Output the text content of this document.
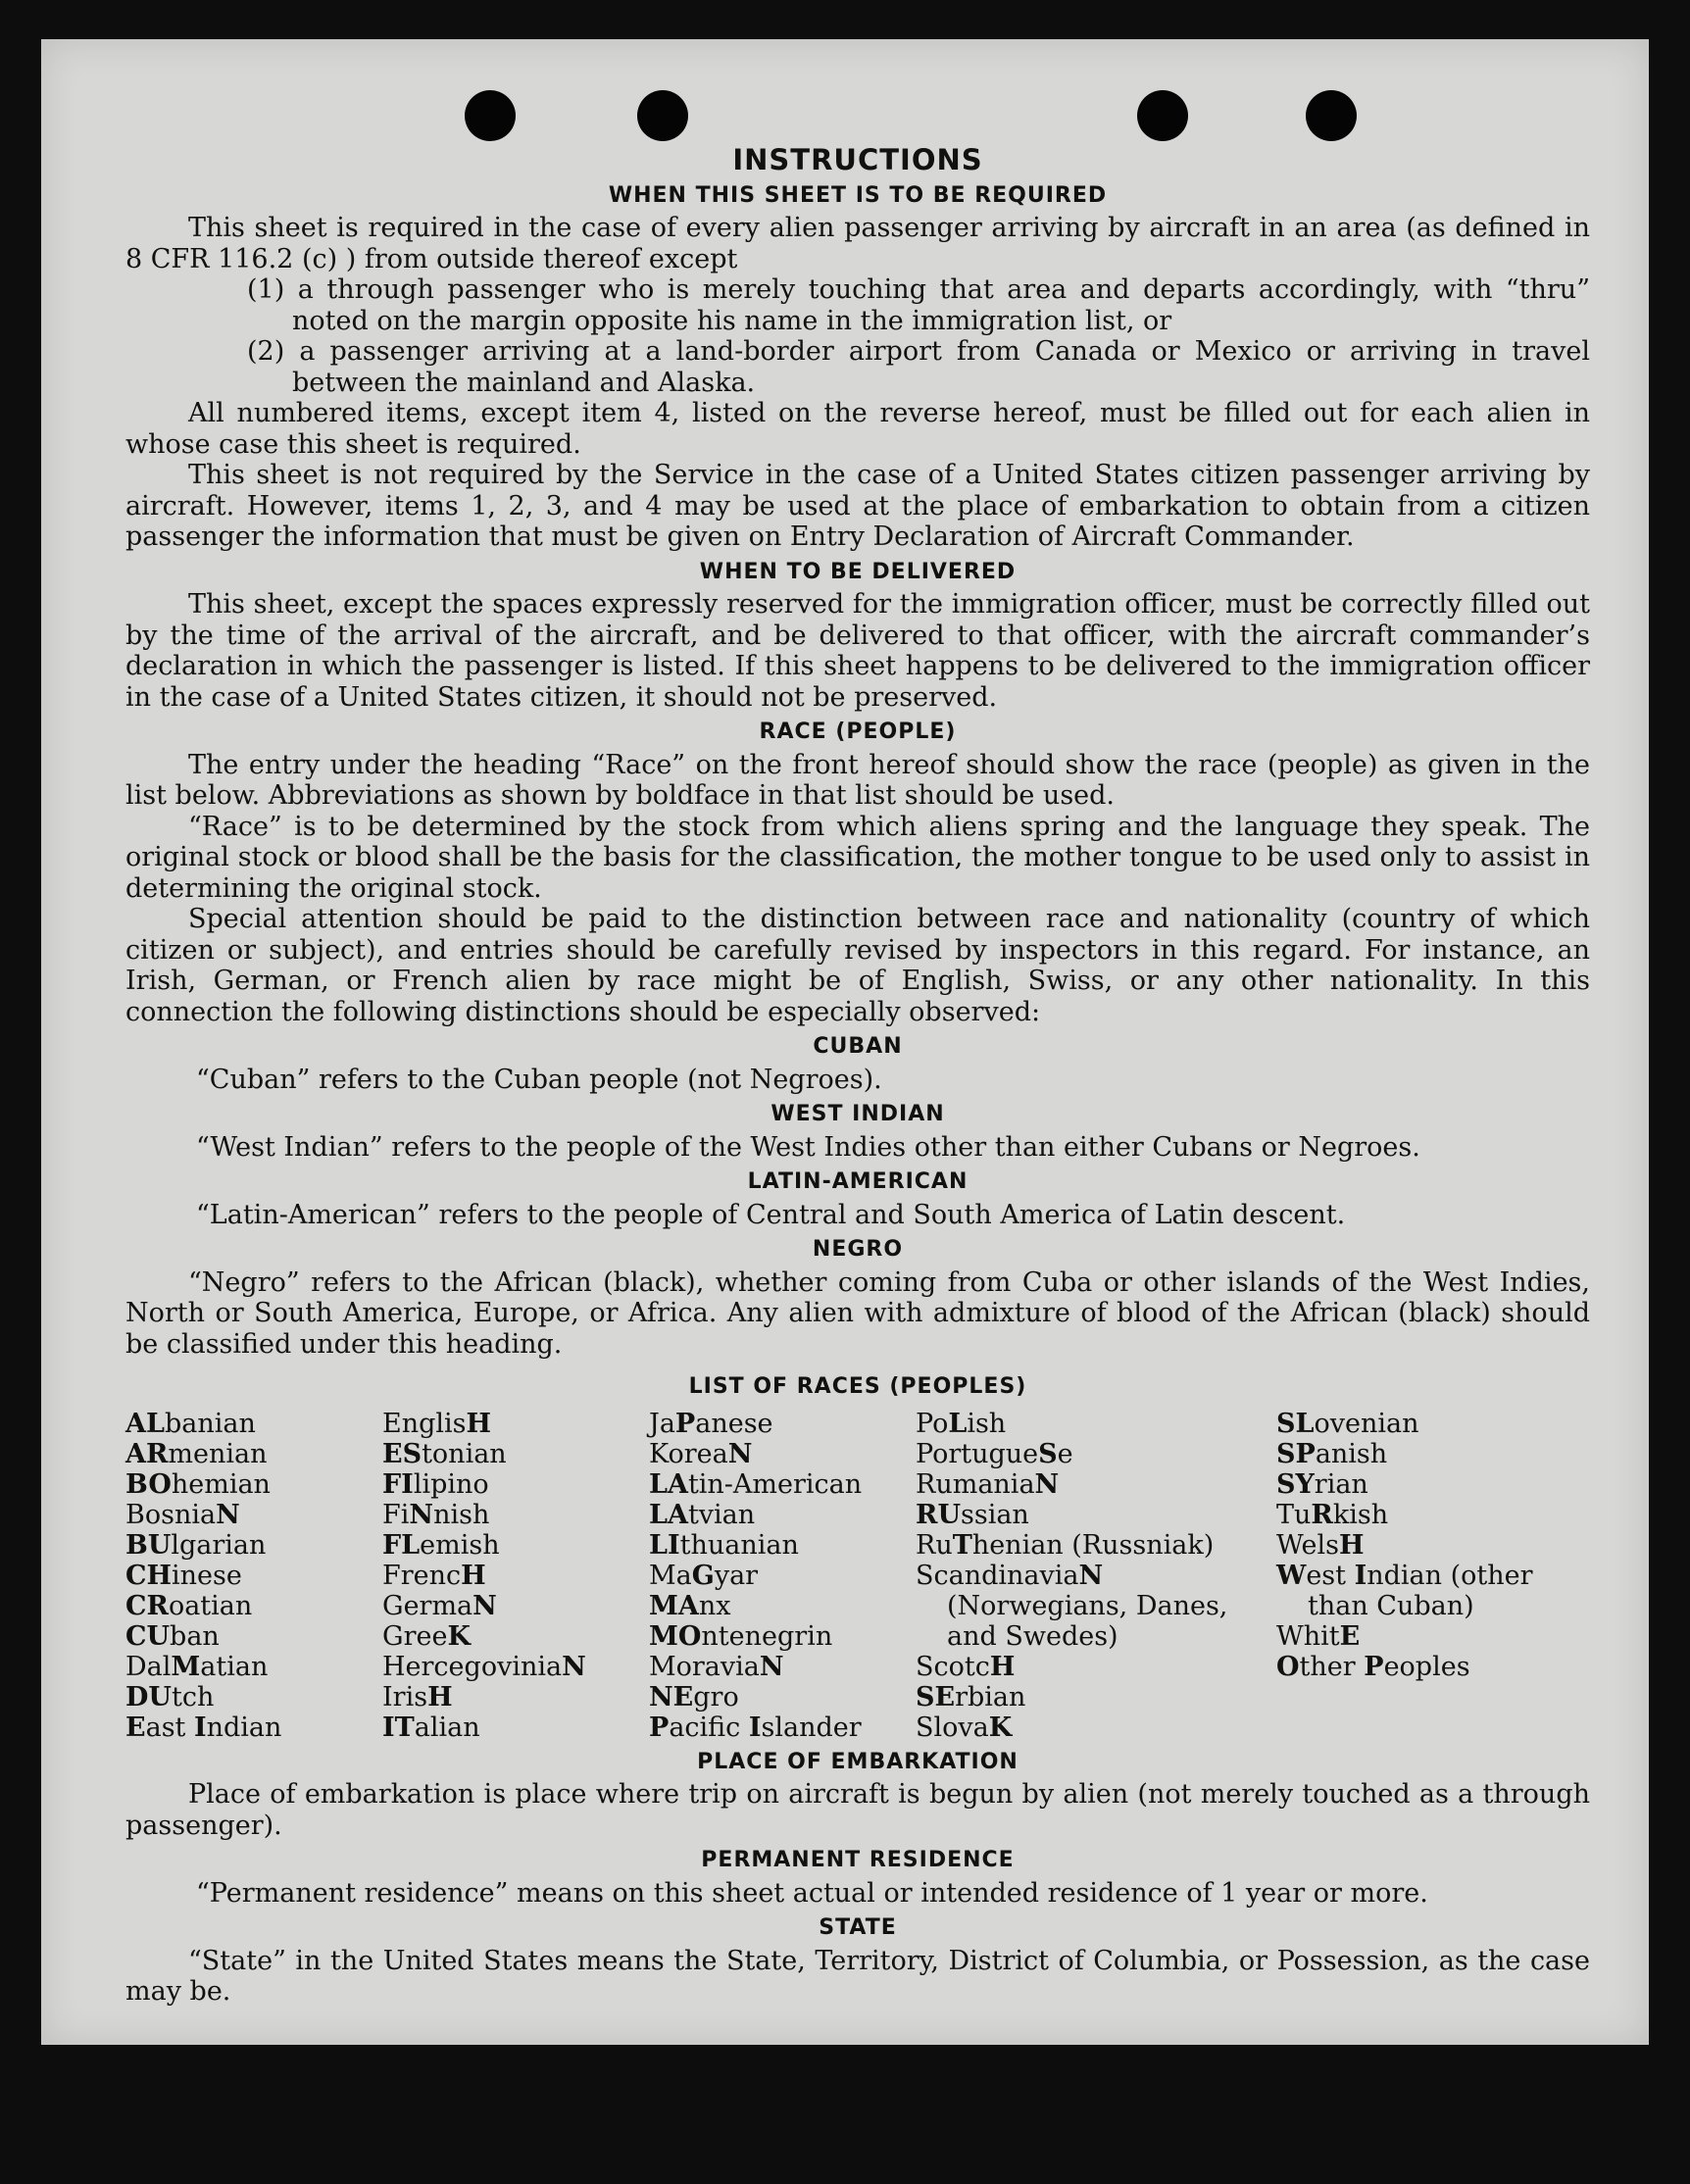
INSTRUCTIONS
WHEN THIS SHEET IS TO BE REQUIRED

This sheet is required in the case of every alien passenger arriving by aircraft in an area (as defined in 8 CFR 116.2 (c) ) from outside thereof except

(1) a through passenger who is merely touching that area and departs accordingly, with “thru” noted on the margin opposite his name in the immigration list, or

(2) a passenger arriving at a land-border airport from Canada or Mexico or arriving in travel between the mainland and Alaska.

All numbered items, except item 4, listed on the reverse hereof, must be filled out for each alien in whose case this sheet is required.

This sheet is not required by the Service in the case of a United States citizen passenger arriving by aircraft. However, items 1, 2, 3, and 4 may be used at the place of embarkation to obtain from a citizen passenger the information that must be given on Entry Declaration of Aircraft Commander.

WHEN TO BE DELIVERED

This sheet, except the spaces expressly reserved for the immigration officer, must be correctly filled out by the time of the arrival of the aircraft, and be delivered to that officer, with the aircraft commander’s declaration in which the passenger is listed. If this sheet happens to be delivered to the immigration officer in the case of a United States citizen, it should not be preserved.

RACE (PEOPLE)

The entry under the heading “Race” on the front hereof should show the race (people) as given in the list below. Abbreviations as shown by boldface in that list should be used.

“Race” is to be determined by the stock from which aliens spring and the language they speak. The original stock or blood shall be the basis for the classification, the mother tongue to be used only to assist in determining the original stock.

Special attention should be paid to the distinction between race and nationality (country of which citizen or subject), and entries should be carefully revised by inspectors in this regard. For instance, an Irish, German, or French alien by race might be of English, Swiss, or any other nationality. In this connection the following distinctions should be especially observed:

CUBAN

“Cuban” refers to the Cuban people (not Negroes).

WEST INDIAN

“West Indian” refers to the people of the West Indies other than either Cubans or Negroes.

LATIN-AMERICAN

“Latin-American” refers to the people of Central and South America of Latin descent.

NEGRO

“Negro” refers to the African (black), whether coming from Cuba or other islands of the West Indies, North or South America, Europe, or Africa. Any alien with admixture of blood of the African (black) should be classified under this heading.

LIST OF RACES (PEOPLES)
ALbanian
ARmenian
BOhemian
BosniaN
BUlgarian
CHinese
CRoatian
CUban
DalMatian
DUtch
East Indian
EnglisH
EStonian
FIlipino
FiNnish
FLemish
FrencH
GermaN
GreeK
HercegoviniaN
IrisH
ITalian
JaPanese
KoreaN
LAtin-American
LAtvian
LIthuanian
MaGyar
MAnx
MOntenegrin
MoraviaN
NEgro
Pacific Islander
PoLish
PortugueSe
RumaniaN
RUssian
RuThenian (Russniak)
ScandinaviaN (Norwegians, Danes, and Swedes)
ScotcH
SErbian
SlovaK
SLovenian
SPanish
SYrian
TuRkish
WelsH
West Indian (other than Cuban)
WhitE
Other Peoples
PLACE OF EMBARKATION

Place of embarkation is place where trip on aircraft is begun by alien (not merely touched as a through passenger).

PERMANENT RESIDENCE

“Permanent residence” means on this sheet actual or intended residence of 1 year or more.

STATE

“State” in the United States means the State, Territory, District of Columbia, or Possession, as the case may be.
